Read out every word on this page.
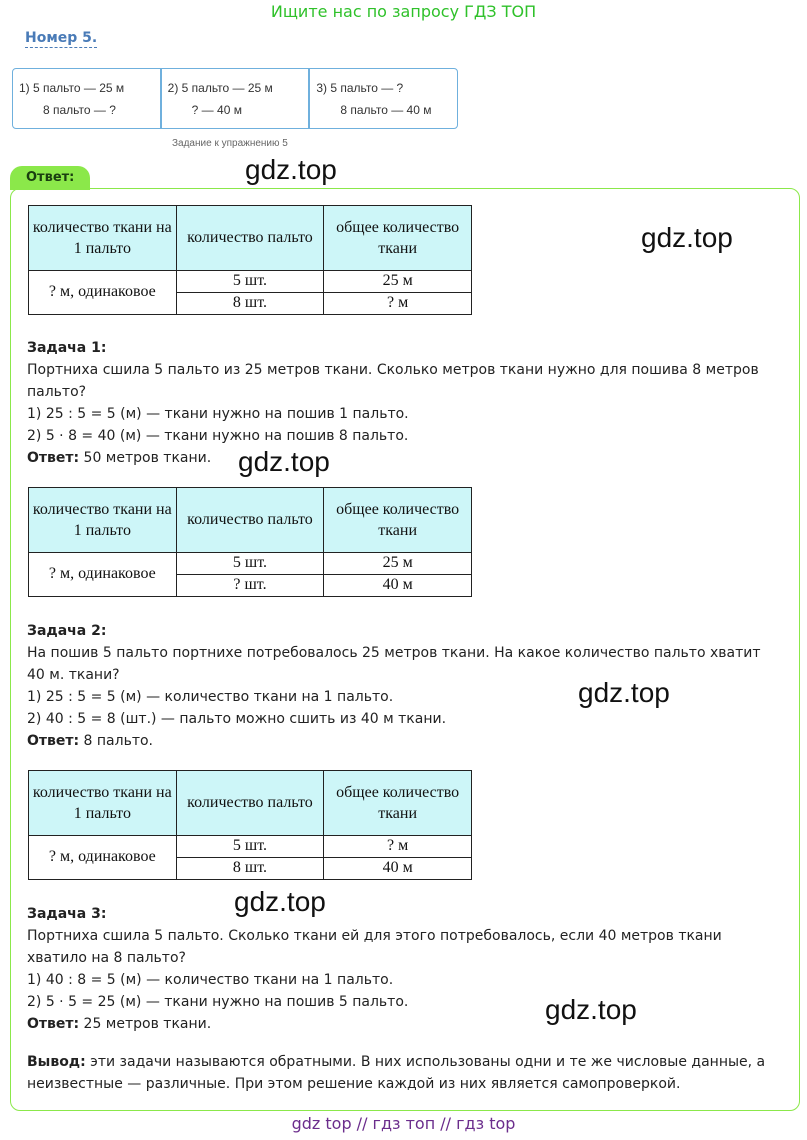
Ищите нас по запросу ГДЗ ТОП
Номер 5.
1) 5 пальто — 25 м
8 пальто — ?
2) 5 пальто — 25 м
? — 40 м
3) 5 пальто — ?
8 пальто — 40 м
Задание к упражнению 5
Ответ:
количество ткани на 1 пальто	количество пальто	общее количество ткани
? м, одинаковое	5 шт.	25 м
	8 шт.	? м
Задача 1:
Портниха сшила 5 пальто из 25 метров ткани. Сколько метров ткани нужно для пошива 8 метров пальто?
1) 25 : 5 = 5 (м) — ткани нужно на пошив 1 пальто.
2) 5 · 8 = 40 (м) — ткани нужно на пошив 8 пальто.
Ответ: 50 метров ткани.
количество ткани на 1 пальто	количество пальто	общее количество ткани
? м, одинаковое	5 шт.	25 м
	? шт.	40 м
Задача 2:
На пошив 5 пальто портнихе потребовалось 25 метров ткани. На какое количество пальто хватит 40 м. ткани?
1) 25 : 5 = 5 (м) — количество ткани на 1 пальто.
2) 40 : 5 = 8 (шт.) — пальто можно сшить из 40 м ткани.
Ответ: 8 пальто.
количество ткани на 1 пальто	количество пальто	общее количество ткани
? м, одинаковое	5 шт.	? м
	8 шт.	40 м
Задача 3:
Портниха сшила 5 пальто. Сколько ткани ей для этого потребовалось, если 40 метров ткани хватило на 8 пальто?
1) 40 : 8 = 5 (м) — количество ткани на 1 пальто.
2) 5 · 5 = 25 (м) — ткани нужно на пошив 5 пальто.
Ответ: 25 метров ткани.
Вывод: эти задачи называются обратными. В них использованы одни и те же числовые данные, а неизвестные — различные. При этом решение каждой из них является самопроверкой.
gdz.top
gdz.top
gdz.top
gdz.top
gdz.top
gdz.top
gdz top // гдз топ // гдз top
